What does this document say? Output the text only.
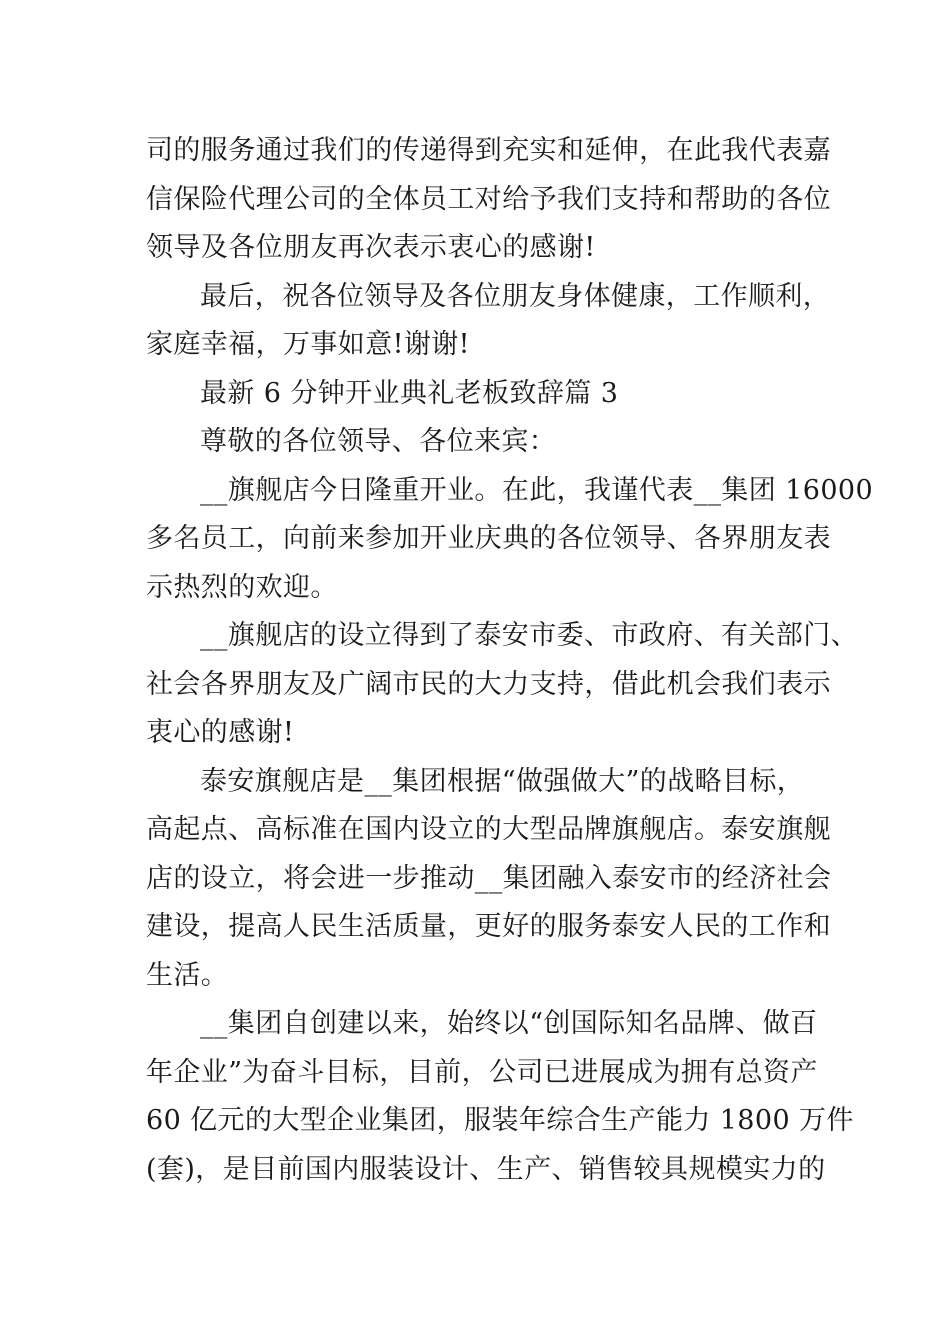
司的服务通过我们的传递得到充实和延伸，在此我代表嘉
信保险代理公司的全体员工对给予我们支持和帮助的各位
领导及各位朋友再次表示衷心的感谢!
最后，祝各位领导及各位朋友身体健康，工作顺利，
家庭幸福，万事如意!谢谢!
最新 6 分钟开业典礼老板致辞篇 3
尊敬的各位领导、各位来宾：
__旗舰店今日隆重开业。在此，我谨代表__集团 16000
多名员工，向前来参加开业庆典的各位领导、各界朋友表
示热烈的欢迎。
__旗舰店的设立得到了泰安市委、市政府、有关部门、
社会各界朋友及广阔市民的大力支持，借此机会我们表示
衷心的感谢!
泰安旗舰店是__集团根据“做强做大”的战略目标，
高起点、高标准在国内设立的大型品牌旗舰店。泰安旗舰
店的设立，将会进一步推动__集团融入泰安市的经济社会
建设，提高人民生活质量，更好的服务泰安人民的工作和
生活。
__集团自创建以来，始终以“创国际知名品牌、做百
年企业”为奋斗目标，目前，公司已进展成为拥有总资产
60 亿元的大型企业集团，服装年综合生产能力 1800 万件
(套)，是目前国内服装设计、生产、销售较具规模实力的
